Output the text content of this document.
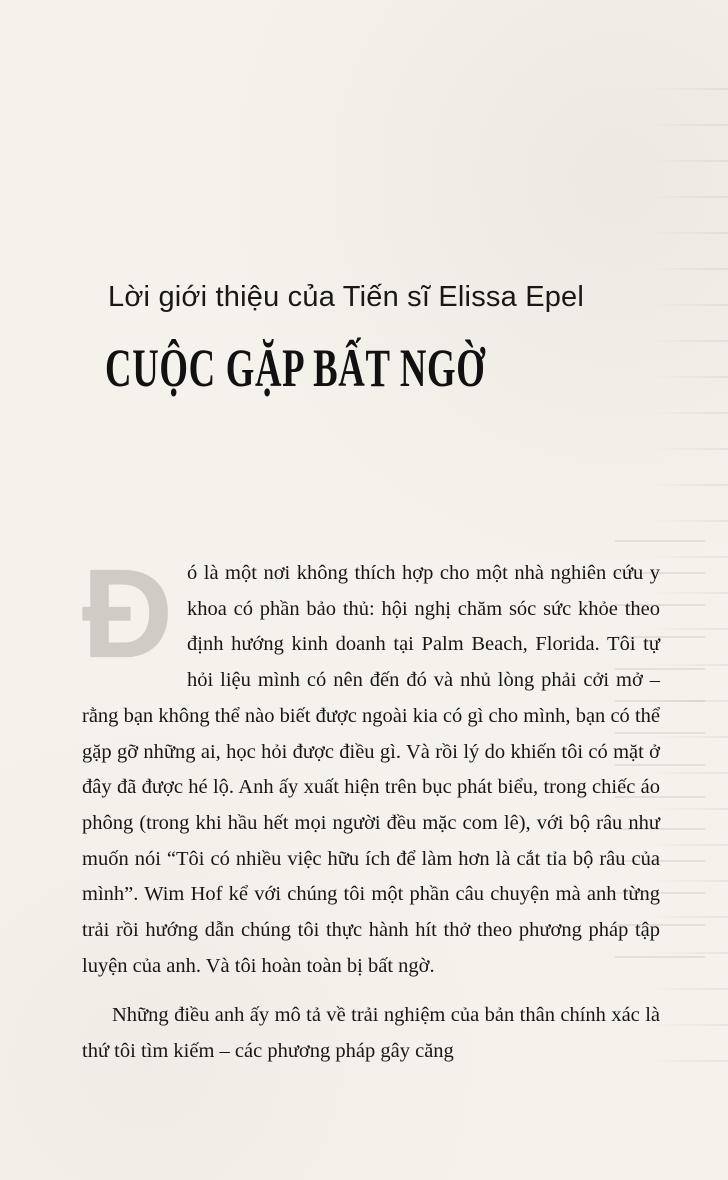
Lời giới thiệu của Tiến sĩ Elissa Epel
CUỘC GẶP BẤT NGỜ

Đ ó là một nơi không thích hợp cho một nhà nghiên cứu y khoa có phần bảo thủ: hội nghị chăm sóc sức khỏe theo định hướng kinh doanh tại Palm Beach, Florida. Tôi tự hỏi liệu mình có nên đến đó và nhủ lòng phải cởi mở – rằng bạn không thể nào biết được ngoài kia có gì cho mình, bạn có thể gặp gỡ những ai, học hỏi được điều gì. Và rồi lý do khiến tôi có mặt ở đây đã được hé lộ. Anh ấy xuất hiện trên bục phát biểu, trong chiếc áo phông (trong khi hầu hết mọi người đều mặc com lê), với bộ râu như muốn nói “Tôi có nhiều việc hữu ích để làm hơn là cắt tỉa bộ râu của mình”. Wim Hof kể với chúng tôi một phần câu chuyện mà anh từng trải rồi hướng dẫn chúng tôi thực hành hít thở theo phương pháp tập luyện của anh. Và tôi hoàn toàn bị bất ngờ.

Những điều anh ấy mô tả về trải nghiệm của bản thân chính xác là thứ tôi tìm kiếm – các phương pháp gây căng
